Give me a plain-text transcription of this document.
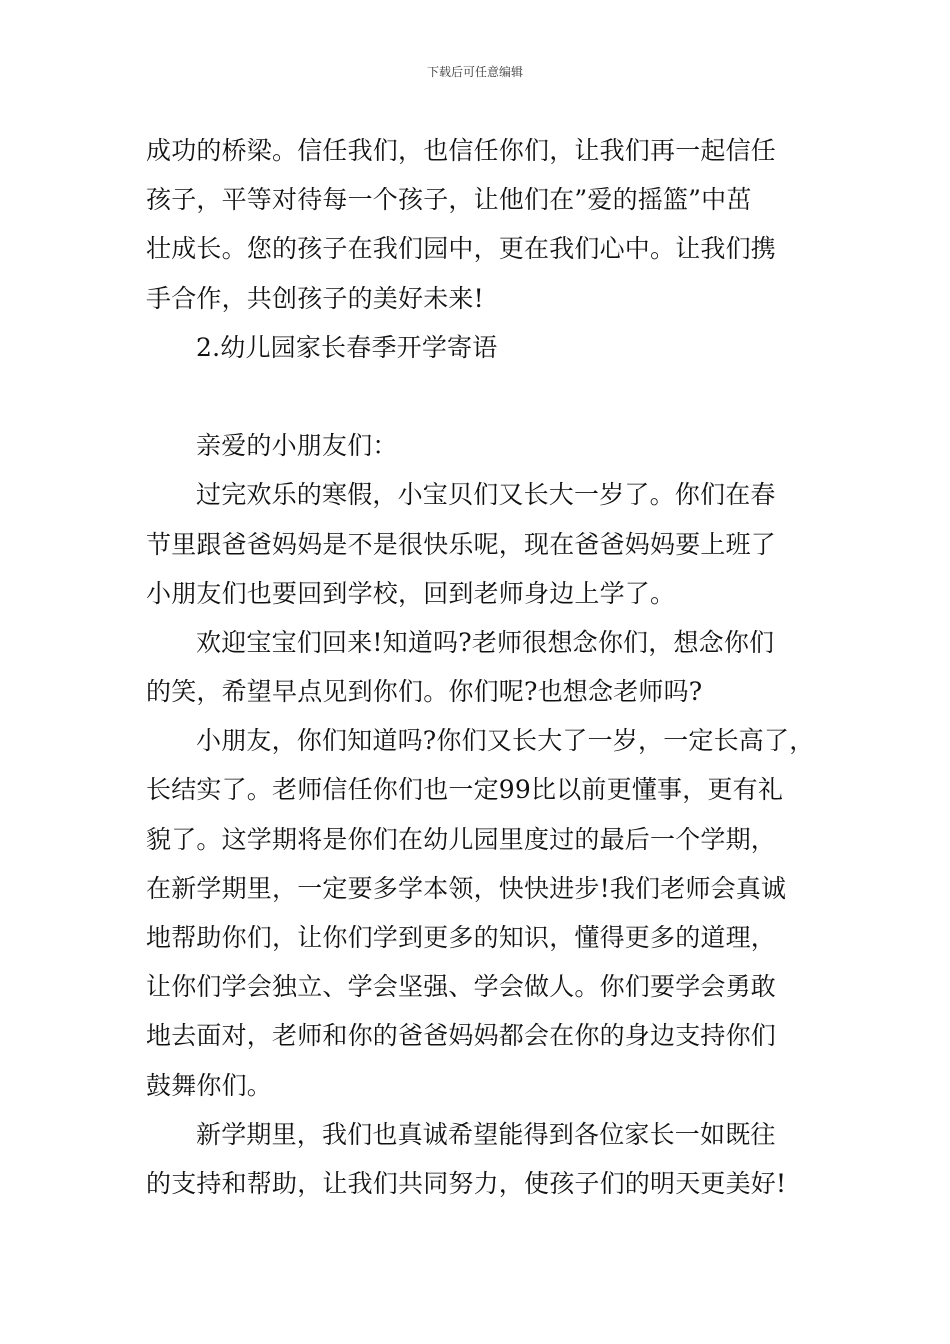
下载后可任意编辑
成功的桥梁。信任我们，也信任你们，让我们再一起信任
孩子，平等对待每一个孩子，让他们在”爱的摇篮”中茁
壮成长。您的孩子在我们园中，更在我们心中。让我们携
手合作，共创孩子的美好未来!
2.幼儿园家长春季开学寄语
亲爱的小朋友们：
过完欢乐的寒假，小宝贝们又长大一岁了。你们在春
节里跟爸爸妈妈是不是很快乐呢，现在爸爸妈妈要上班了
小朋友们也要回到学校，回到老师身边上学了。
欢迎宝宝们回来!知道吗?老师很想念你们，想念你们
的笑，希望早点见到你们。你们呢?也想念老师吗?
小朋友，你们知道吗?你们又长大了一岁，一定长高了，
长结实了。老师信任你们也一定99比以前更懂事，更有礼
貌了。这学期将是你们在幼儿园里度过的最后一个学期，
在新学期里，一定要多学本领，快快进步!我们老师会真诚
地帮助你们，让你们学到更多的知识，懂得更多的道理，
让你们学会独立、学会坚强、学会做人。你们要学会勇敢
地去面对，老师和你的爸爸妈妈都会在你的身边支持你们
鼓舞你们。
新学期里，我们也真诚希望能得到各位家长一如既往
的支持和帮助，让我们共同努力，使孩子们的明天更美好!
